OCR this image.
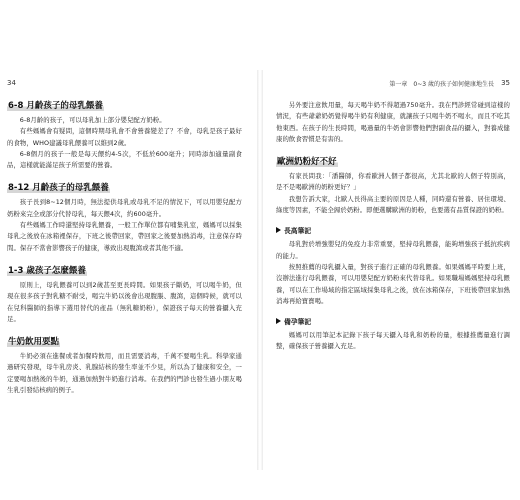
34
6-8 月齡孩子的母乳餵養

6-8月齡的孩子，可以母乳加上部分嬰兒配方奶粉。

有些媽媽會有疑問，這個時期母乳會不會營養變差了？不會，母乳是孩子最好的食物，WHO建議母乳餵養可以維到2歲。

6-8個月的孩子一般是每天餵約4-5次，不低於600毫升；同時添加適量副食品，這樣就能滿足孩子所需要的營養。

8-12 月齡孩子的母乳餵養

孩子長到8~12個月時，無法提供母乳或母乳不足的情況下，可以用嬰兒配方奶粉來完全或部分代替母乳，每天餵4次，約600毫升。

有些媽媽工作時還堅持母乳餵養，一般工作單位都有哺集乳室，媽媽可以採集母乳之後放在冰箱裡保存，下班之後帶回家，帶回家之後要加熱消毒，注意保存時間。保存不當會影響孩子的健康，導致出現腹瀉或者其他不適。

1-3 歲孩子怎麼餵養

原則上，母乳餵養可以到2歲甚至更長時間。如果孩子斷奶，可以喝牛奶，但現在很多孩子對乳糖不耐受，喝完牛奶以後會出現腹脹、腹瀉，這個時候，就可以在兒科醫師的指導下選用替代的產品（無乳糖奶粉），保證孩子每天的營養攝入充足。

牛奶飲用要點

牛奶必須在進餐或者加餐時飲用，而且需要消毒，千萬不要喝生乳。科學家通過研究發現，母牛乳房炎、乳腺結核的發生率並不少見，所以為了健康和安全，一定要喝加熱後的牛奶，通過加熱對牛奶進行消毒。在我們的門診也發生過小朋友喝生乳引發結核病的例子。

第一章　0~3 歲的孩子如何健康地生長 35

另外要注意飲用量，每天喝牛奶不得超過750毫升。我在門診經常碰到這樣的情況，有些爺爺奶奶覺得喝牛奶有利健康，就讓孩子只喝牛奶不喝水，而且不吃其他東西。在孩子的生長時間，喝過量的牛奶會影響他們對副食品的攝入，對養成健康的飲食習慣是有害的。

歐洲奶粉好不好

有家長問我：「潘醫師，你看歐洲人個子都很高，尤其北歐的人個子特別高，是不是喝歐洲的奶粉更好？」

我想告訴大家，北歐人長得高主要的原因是人種，同時還有營養、居住環境、綠度等因素，不能全歸於奶粉。即便選購歐洲的奶粉，也要選有品質保證的奶粉。

長高筆記

母乳對於增強嬰兒的免疫力非常重要，堅持母乳餵養，能夠增強孩子抵抗疾病的能力。

按照推薦的母乳攝入量，對孩子進行正確的母乳餵養。如果媽媽平時要上班，沒辦法進行母乳餵養，可以用嬰兒配方奶粉來代替母乳。如果職場媽媽堅持母乳餵養，可以在工作場域的指定區域採集母乳之後，放在冰箱保存，下班後帶回家加熱消毒再給寶寶喝。

備孕筆記

媽媽可以用筆記本記錄下孩子每天攝入母乳和奶粉的量，根據推薦量進行調整，確保孩子營養攝入充足。
